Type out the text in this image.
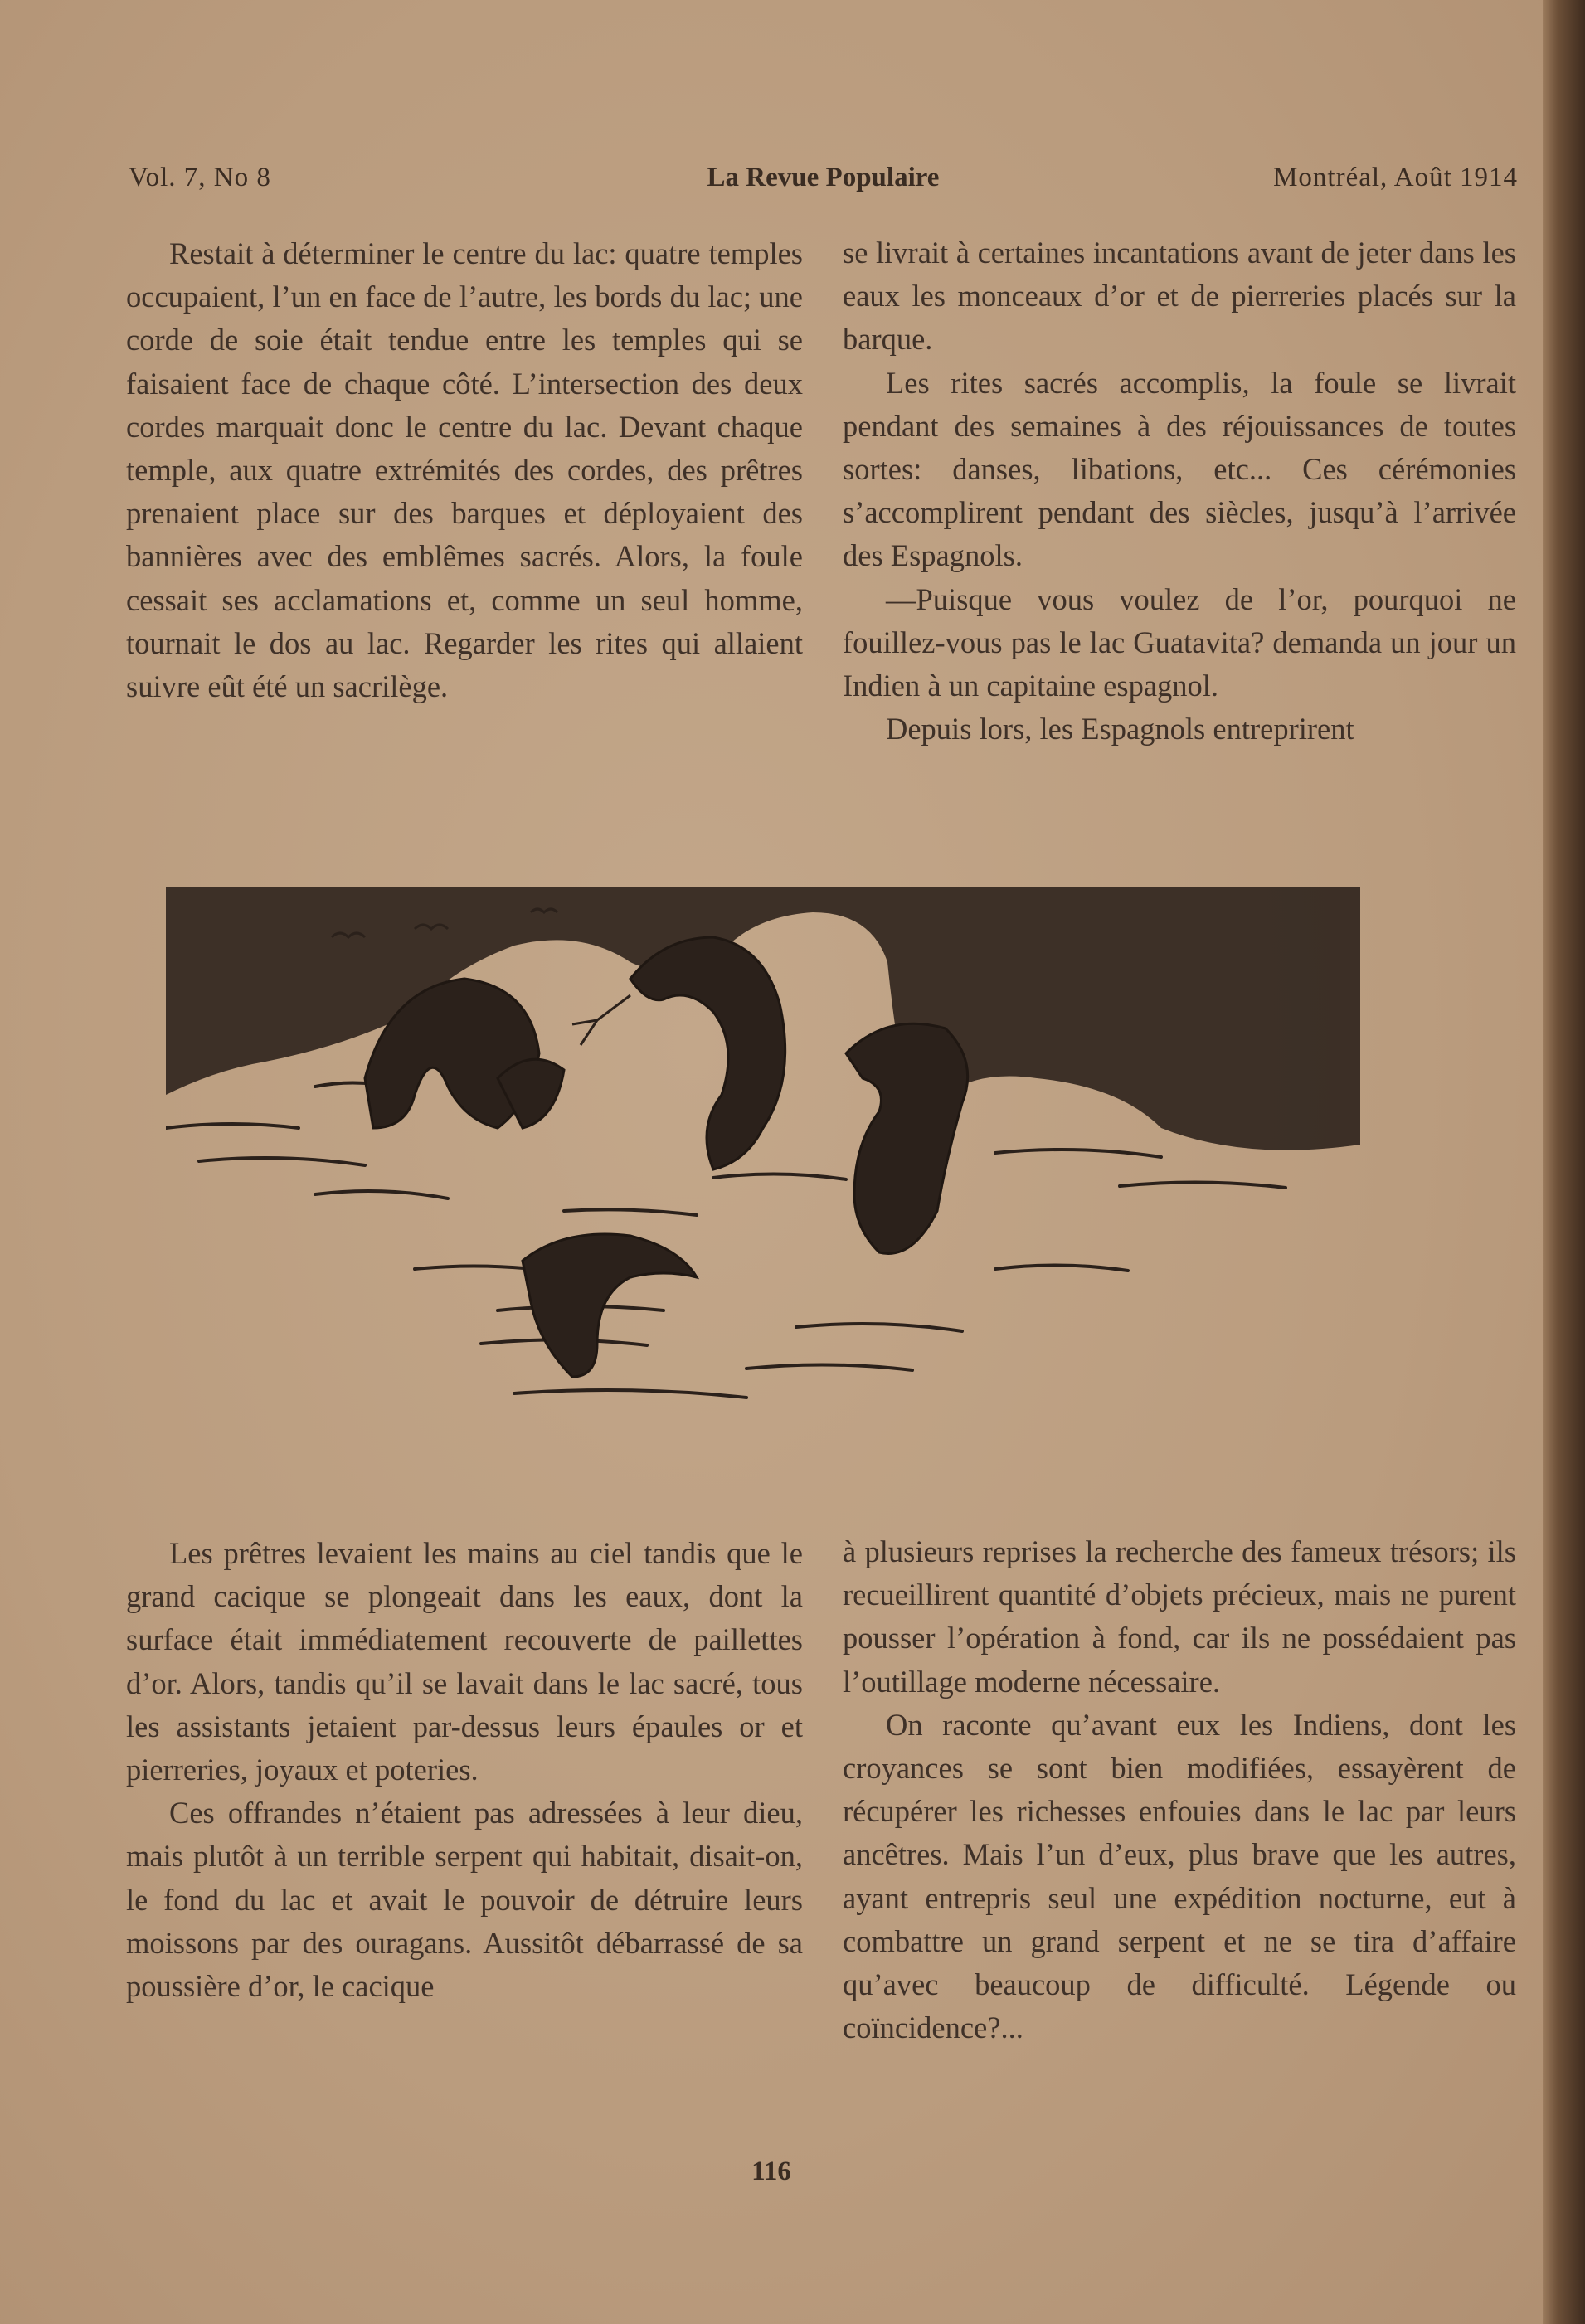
Vol. 7, No 8	La Revue Populaire	Montréal, Août 1914

Restait à déterminer le centre du lac: quatre temples occupaient, l’un en face de l’autre, les bords du lac; une corde de soie était tendue entre les temples qui se faisaient face de chaque côté. L’intersection des deux cordes marquait donc le centre du lac. Devant chaque temple, aux quatre extrémités des cordes, des prêtres prenaient place sur des barques et déployaient des bannières avec des emblêmes sacrés. Alors, la foule cessait ses acclamations et, comme un seul homme, tournait le dos au lac. Regarder les rites qui allaient suivre eût été un sacrilège.

se livrait à certaines incantations avant de jeter dans les eaux les monceaux d’or et de pierreries placés sur la barque.

Les rites sacrés accomplis, la foule se livrait pendant des semaines à des réjouissances de toutes sortes: danses, libations, etc... Ces cérémonies s’accomplirent pendant des siècles, jusqu’à l’arrivée des Espagnols.

—Puisque vous voulez de l’or, pourquoi ne fouillez-vous pas le lac Guatavita? demanda un jour un Indien à un capitaine espagnol.

Depuis lors, les Espagnols entreprirent

Les prêtres levaient les mains au ciel tandis que le grand cacique se plongeait dans les eaux, dont la surface était immédiatement recouverte de paillettes d’or. Alors, tandis qu’il se lavait dans le lac sacré, tous les assistants jetaient par-dessus leurs épaules or et pierreries, joyaux et poteries.

Ces offrandes n’étaient pas adressées à leur dieu, mais plutôt à un terrible serpent qui habitait, disait-on, le fond du lac et avait le pouvoir de détruire leurs moissons par des ouragans. Aussitôt débarrassé de sa poussière d’or, le cacique

à plusieurs reprises la recherche des fameux trésors; ils recueillirent quantité d’objets précieux, mais ne purent pousser l’opération à fond, car ils ne possédaient pas l’outillage moderne nécessaire.

On raconte qu’avant eux les Indiens, dont les croyances se sont bien modifiées, essayèrent de récupérer les richesses enfouies dans le lac par leurs ancêtres. Mais l’un d’eux, plus brave que les autres, ayant entrepris seul une expédition nocturne, eut à combattre un grand serpent et ne se tira d’affaire qu’avec beaucoup de difficulté. Légende ou coïncidence?...

116
